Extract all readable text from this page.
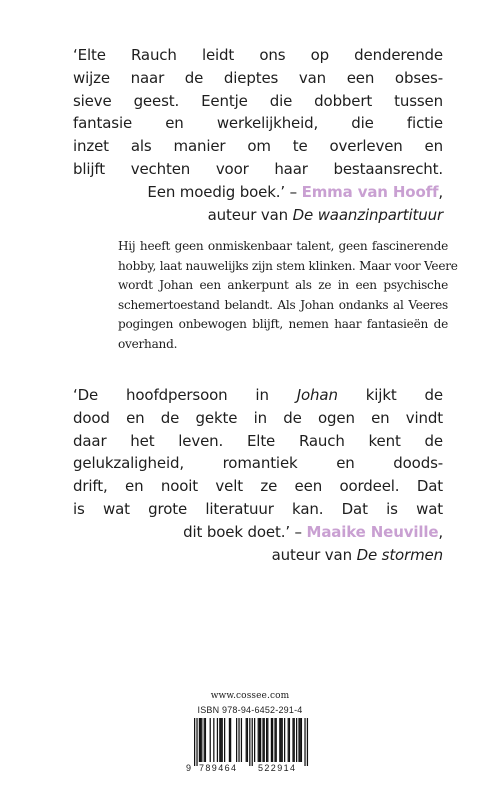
‘Elte Rauch leidt ons op denderende
wijze naar de dieptes van een obses-
sieve geest. Eentje die dobbert tussen
fantasie en werkelijkheid, die fictie
inzet als manier om te overleven en
blijft vechten voor haar bestaansrecht.
Een moedig boek.’ – Emma van Hooff,
auteur van De waanzinpartituur
Hij heeft geen onmiskenbaar talent, geen fascinerende
hobby, laat nauwelijks zijn stem klinken. Maar voor Veere
wordt Johan een ankerpunt als ze in een psychische
schemertoestand belandt. Als Johan ondanks al Veeres
pogingen onbewogen blijft, nemen haar fantasieën de
overhand.
‘De hoofdpersoon in Johan kijkt de
dood en de gekte in de ogen en vindt
daar het leven. Elte Rauch kent de
gelukzaligheid, romantiek en doods-
drift, en nooit velt ze een oordeel. Dat
is wat grote literatuur kan. Dat is wat
dit boek doet.’ – Maaike Neuville,
auteur van De stormen
www.cossee.com
ISBN 978-94-6452-291-4
9 789464 522914
